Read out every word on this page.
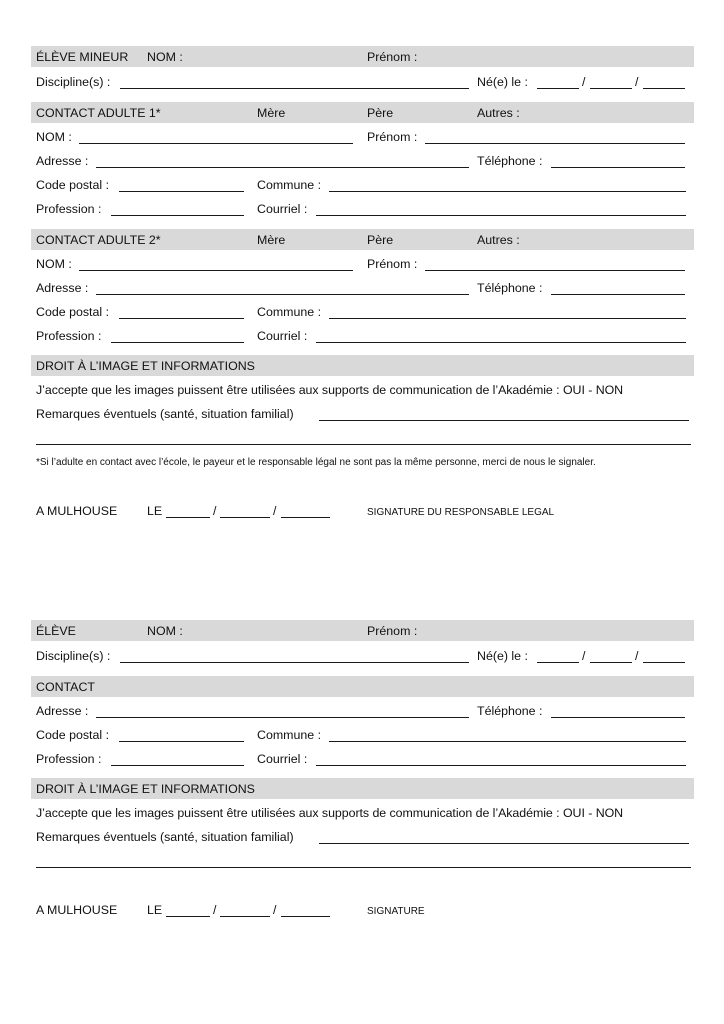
ÉLÈVE MINEUR NOM :	Prénom :
Discipline(s) :	Né(e) le :	/	/
CONTACT ADULTE 1*	Mère	Père	Autres :
NOM :	Prénom :
Adresse :	Téléphone :
Code postal :	Commune :
Profession :	Courriel :
CONTACT ADULTE 2*	Mère	Père	Autres :
NOM :	Prénom :
Adresse :	Téléphone :
Code postal :	Commune :
Profession :	Courriel :
DROIT À L’IMAGE ET INFORMATIONS
J’accepte que les images puissent être utilisées aux supports de communication de l’Akadémie : OUI - NON
Remarques éventuels (santé, situation familial)
*Si l’adulte en contact avec l’école, le payeur et le responsable légal ne sont pas la même personne, merci de nous le signaler.
A MULHOUSE LE	/	/	SIGNATURE DU RESPONSABLE LEGAL
ÉLÈVE	NOM :	Prénom :
Discipline(s) :	Né(e) le :	/	/
CONTACT
Adresse :	Téléphone :
Code postal :	Commune :
Profession :	Courriel :
DROIT À L’IMAGE ET INFORMATIONS
J’accepte que les images puissent être utilisées aux supports de communication de l’Akadémie : OUI - NON
Remarques éventuels (santé, situation familial)
A MULHOUSE LE	/	/	SIGNATURE
